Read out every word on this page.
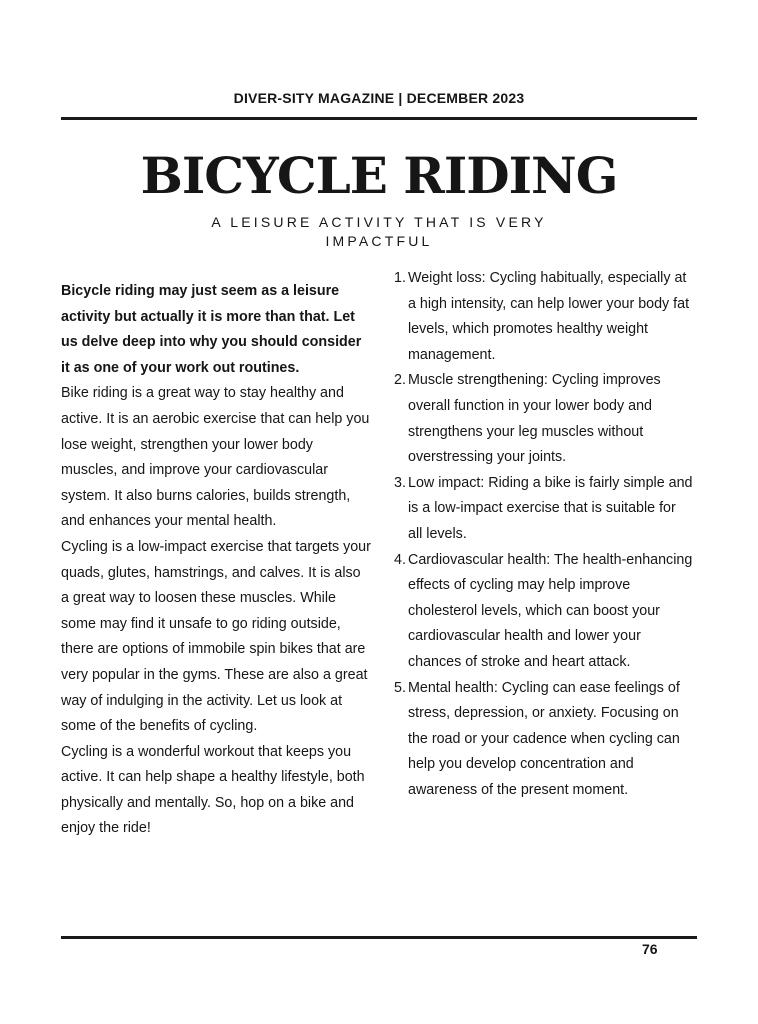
DIVER-SITY MAGAZINE | DECEMBER 2023
BICYCLE RIDING
A LEISURE ACTIVITY THAT IS VERY IMPACTFUL

Bicycle riding may just seem as a leisure activity but actually it is more than that. Let us delve deep into why you should consider it as one of your work out routines.

Bike riding is a great way to stay healthy and active. It is an aerobic exercise that can help you lose weight, strengthen your lower body muscles, and improve your cardiovascular system. It also burns calories, builds strength, and enhances your mental health.

Cycling is a low-impact exercise that targets your quads, glutes, hamstrings, and calves. It is also a great way to loosen these muscles. While some may find it unsafe to go riding outside, there are options of immobile spin bikes that are very popular in the gyms. These are also a great way of indulging in the activity. Let us look at some of the benefits of cycling.

Cycling is a wonderful workout that keeps you active. It can help shape a healthy lifestyle, both physically and mentally. So, hop on a bike and enjoy the ride!

1. Weight loss: Cycling habitually, especially at a high intensity, can help lower your body fat levels, which promotes healthy weight management.
2. Muscle strengthening: Cycling improves overall function in your lower body and strengthens your leg muscles without overstressing your joints.
3. Low impact: Riding a bike is fairly simple and is a low-impact exercise that is suitable for all levels.
4. Cardiovascular health: The health-enhancing effects of cycling may help improve cholesterol levels, which can boost your cardiovascular health and lower your chances of stroke and heart attack.
5. Mental health: Cycling can ease feelings of stress, depression, or anxiety. Focusing on the road or your cadence when cycling can help you develop concentration and awareness of the present moment.
76
